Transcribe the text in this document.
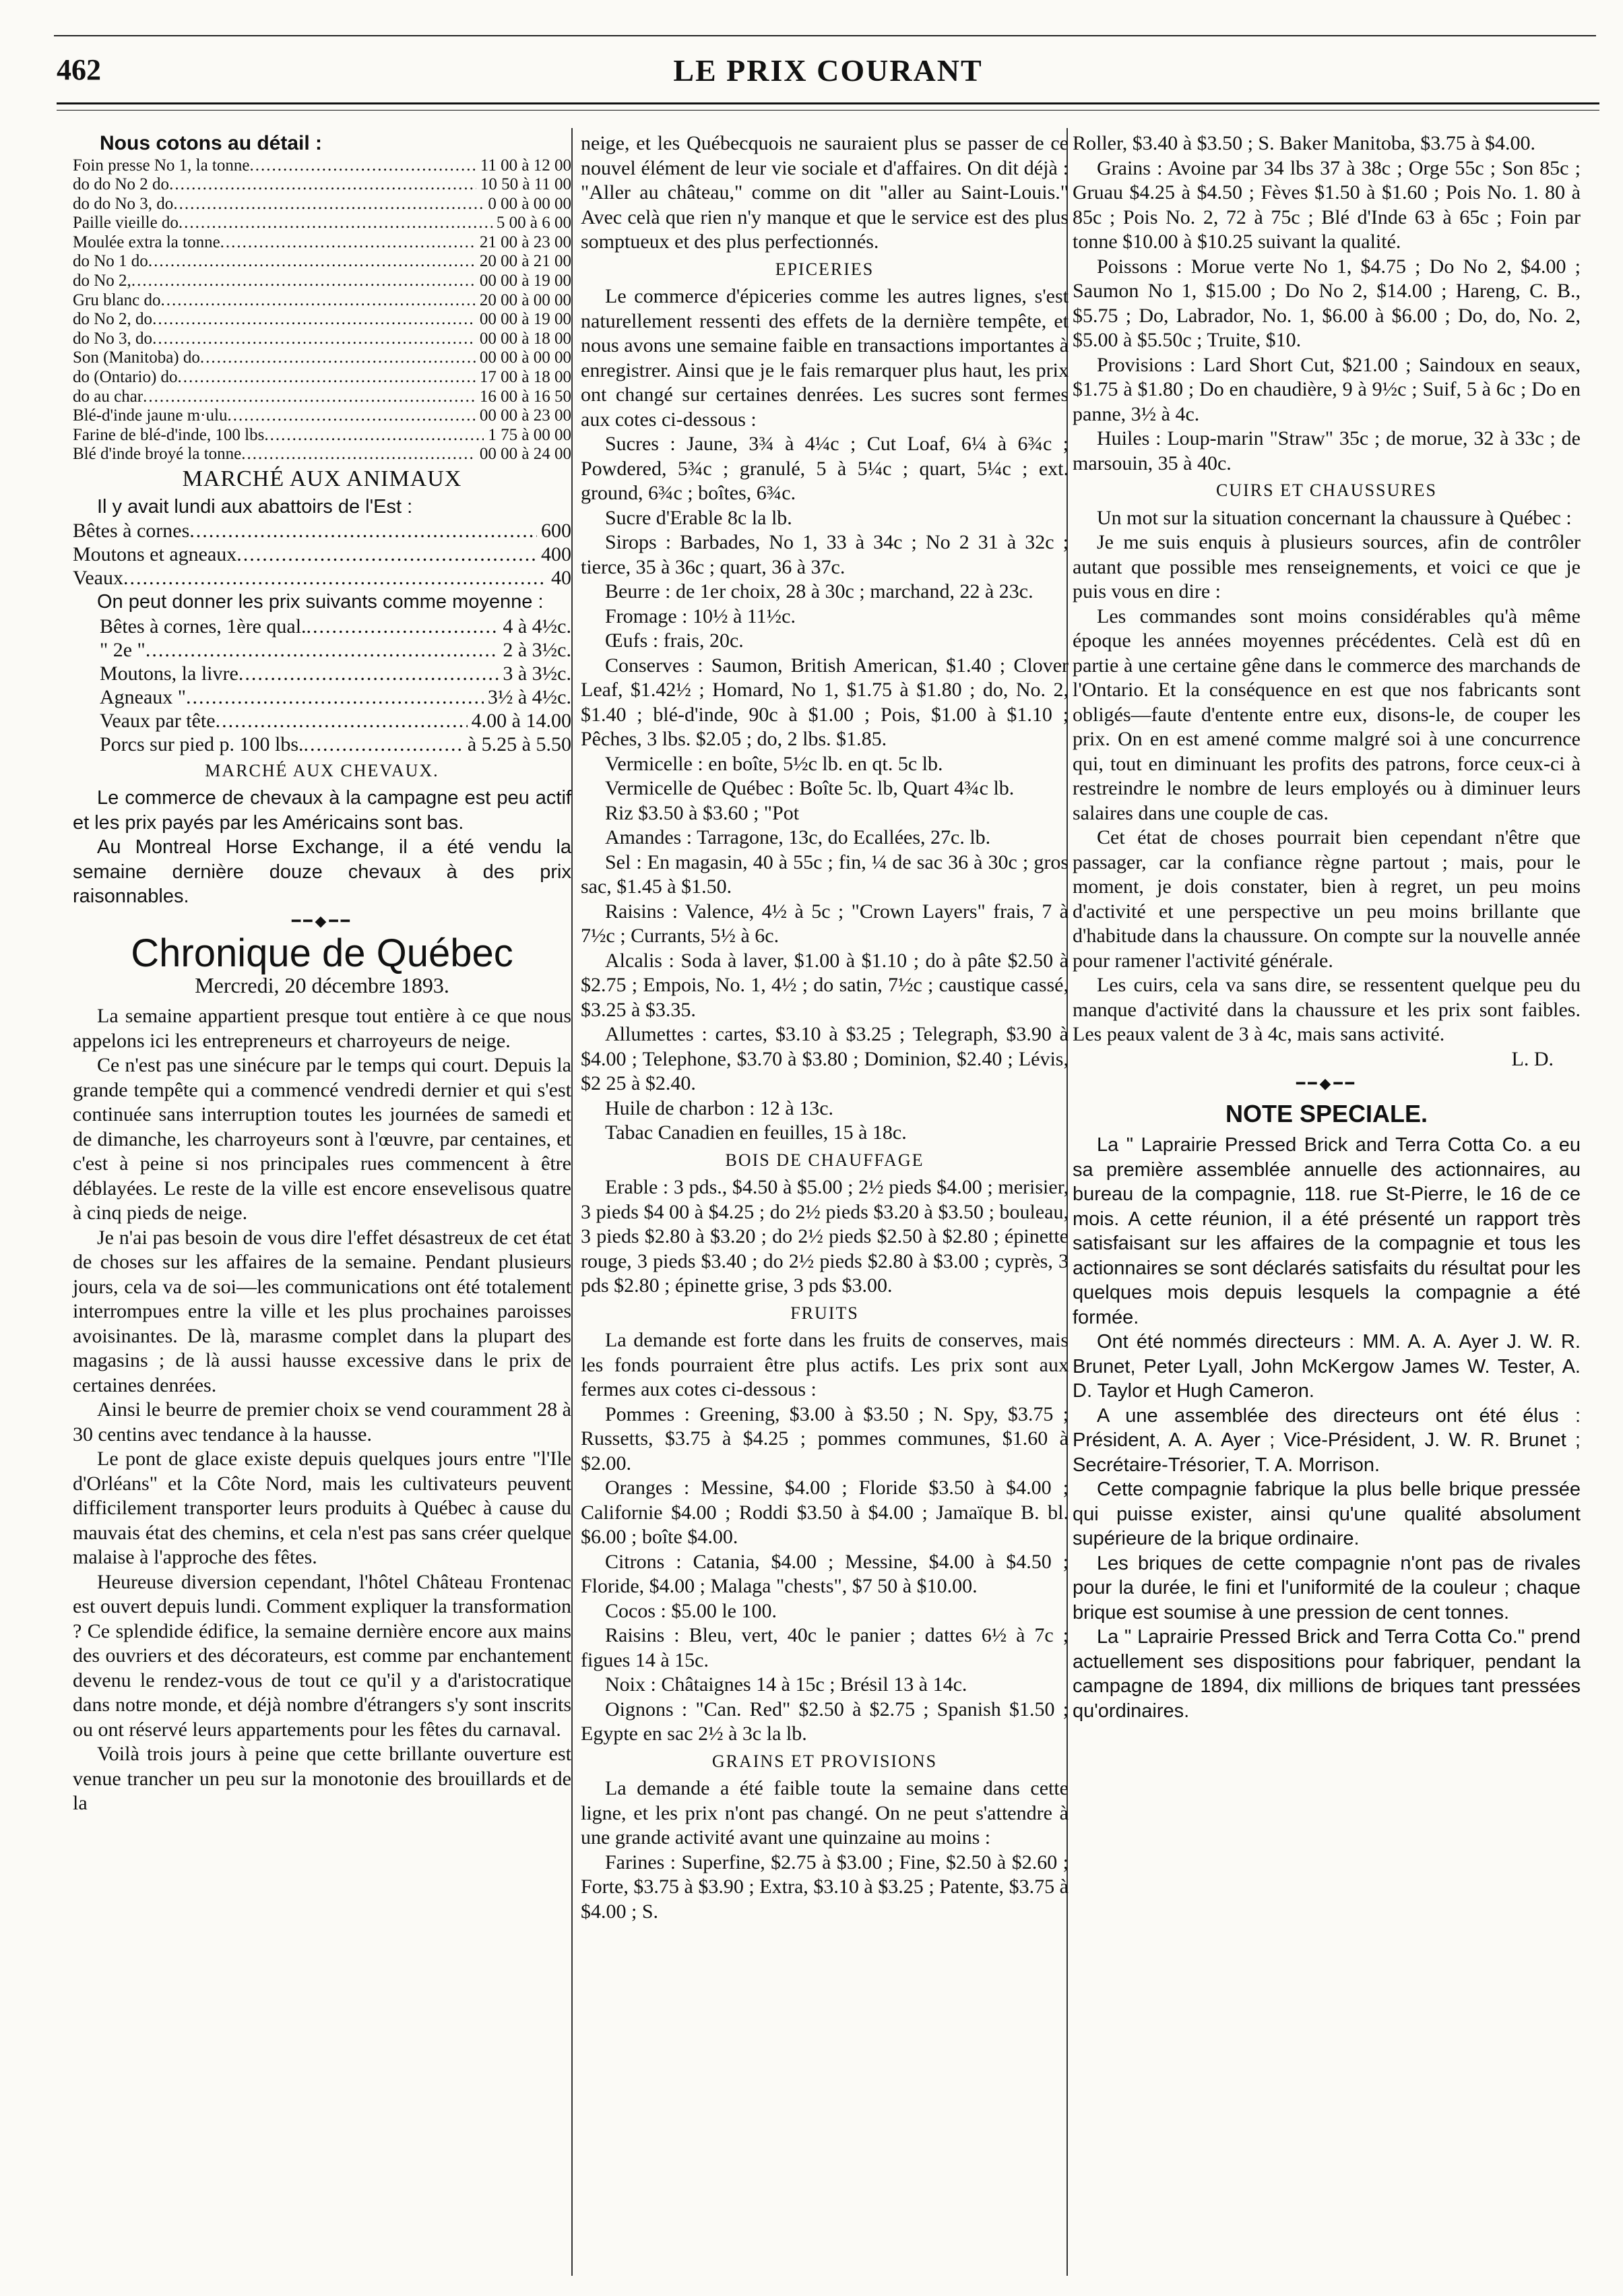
462	LE PRIX COURANT

Nous cotons au détail :

Foin presse No 1, la tonne .....	11 00 à 12 00
do do No 2 do .....	10 50 à 11 00
do do No 3, do .....	0 00 à 00 00
Paille vieille do .....	5 00 à 6 00
Moulée extra la tonne .....	21 00 à 23 00
do No 1 do .....	20 00 à 21 00
do No 2, .....	00 00 à 19 00
Gru blanc do .....	20 00 à 00 00
do No 2, do .....	00 00 à 19 00
do No 3, do .....	00 00 à 18 00
Son (Manitoba) do .....	00 00 à 00 00
do (Ontario) do .....	17 00 à 18 00
do au char .....	16 00 à 16 50
Blé-d'inde jaune m·ulu .....	00 00 à 23 00
Farine de blé-d'inde, 100 lbs .....	1 75 à 00 00
Blé d'inde broyé la tonne .....	00 00 à 24 00

MARCHÉ AUX ANIMAUX

Il y avait lundi aux abattoirs de l'Est :

Bêtes à cornes .....	600
Moutons et agneaux .....	400
Veaux .....	40

On peut donner les prix suivants comme moyenne :

Bêtes à cornes, 1ère qual. .....	4 à 4½c.
" 2e " .....	2 à 3½c.
Moutons, la livre .....	3 à 3½c.
Agneaux " .....	3½ à 4½c.
Veaux par tête .....	4.00 à 14.00
Porcs sur pied p. 100 lbs. .....	à 5.25 à 5.50

MARCHÉ AUX CHEVAUX.

Le commerce de chevaux à la campagne est peu actif et les prix payés par les Américains sont bas.

Au Montreal Horse Exchange, il a été vendu la semaine dernière douze chevaux à des prix raisonnables.

━━◆━━

Chronique de Québec

Mercredi, 20 décembre 1893.

La semaine appartient presque tout entière à ce que nous appelons ici les entrepreneurs et charroyeurs de neige.

Ce n'est pas une sinécure par le temps qui court. Depuis la grande tempête qui a commencé vendredi dernier et qui s'est continuée sans interruption toutes les journées de samedi et de dimanche, les charroyeurs sont à l'œuvre, par centaines, et c'est à peine si nos principales rues commencent à être déblayées. Le reste de la ville est encore ensevelisous quatre à cinq pieds de neige.

Je n'ai pas besoin de vous dire l'effet désastreux de cet état de choses sur les affaires de la semaine. Pendant plusieurs jours, cela va de soi—les communications ont été totalement interrompues entre la ville et les plus prochaines paroisses avoisinantes. De là, marasme complet dans la plupart des magasins ; de là aussi hausse excessive dans le prix de certaines denrées.

Ainsi le beurre de premier choix se vend couramment 28 à 30 centins avec tendance à la hausse.

Le pont de glace existe depuis quelques jours entre "l'Ile d'Orléans" et la Côte Nord, mais les cultivateurs peuvent difficilement transporter leurs produits à Québec à cause du mauvais état des chemins, et cela n'est pas sans créer quelque malaise à l'approche des fêtes.

Heureuse diversion cependant, l'hôtel Château Frontenac est ouvert depuis lundi. Comment expliquer la transformation ? Ce splendide édifice, la semaine dernière encore aux mains des ouvriers et des décorateurs, est comme par enchantement devenu le rendez-vous de tout ce qu'il y a d'aristocratique dans notre monde, et déjà nombre d'étrangers s'y sont inscrits ou ont réservé leurs appartements pour les fêtes du carnaval.

Voilà trois jours à peine que cette brillante ouverture est venue trancher un peu sur la monotonie des brouillards et de la

neige, et les Québecquois ne sauraient plus se passer de ce nouvel élément de leur vie sociale et d'affaires. On dit déjà : "Aller au château," comme on dit "aller au Saint-Louis." Avec celà que rien n'y manque et que le service est des plus somptueux et des plus perfectionnés.

EPICERIES

Le commerce d'épiceries comme les autres lignes, s'est naturellement ressenti des effets de la dernière tempête, et nous avons une semaine faible en transactions importantes à enregistrer. Ainsi que je le fais remarquer plus haut, les prix ont changé sur certaines denrées. Les sucres sont fermes aux cotes ci-dessous :

Sucres : Jaune, 3¾ à 4¼c ; Cut Loaf, 6¼ à 6¾c ; Powdered, 5¾c ; granulé, 5 à 5¼c ; quart, 5¼c ; ext. ground, 6¾c ; boîtes, 6¾c.

Sucre d'Erable 8c la lb.

Sirops : Barbades, No 1, 33 à 34c ; No 2 31 à 32c ; tierce, 35 à 36c ; quart, 36 à 37c.

Beurre : de 1er choix, 28 à 30c ; marchand, 22 à 23c.

Fromage : 10½ à 11½c.

Œufs : frais, 20c.

Conserves : Saumon, British American, $1.40 ; Clover Leaf, $1.42½ ; Homard, No 1, $1.75 à $1.80 ; do, No. 2, $1.40 ; blé-d'inde, 90c à $1.00 ; Pois, $1.00 à $1.10 ; Pêches, 3 lbs. $2.05 ; do, 2 lbs. $1.85.

Vermicelle : en boîte, 5½c lb. en qt. 5c lb.

Vermicelle de Québec : Boîte 5c. lb, Quart 4¾c lb.

Riz $3.50 à $3.60 ; "Pot

Amandes : Tarragone, 13c, do Ecallées, 27c. lb.

Sel : En magasin, 40 à 55c ; fin, ¼ de sac 36 à 30c ; gros sac, $1.45 à $1.50.

Raisins : Valence, 4½ à 5c ; "Crown Layers" frais, 7 à 7½c ; Currants, 5½ à 6c.

Alcalis : Soda à laver, $1.00 à $1.10 ; do à pâte $2.50 à $2.75 ; Empois, No. 1, 4½ ; do satin, 7½c ; caustique cassé, $3.25 à $3.35.

Allumettes : cartes, $3.10 à $3.25 ; Telegraph, $3.90 à $4.00 ; Telephone, $3.70 à $3.80 ; Dominion, $2.40 ; Lévis, $2 25 à $2.40.

Huile de charbon : 12 à 13c.

Tabac Canadien en feuilles, 15 à 18c.

BOIS DE CHAUFFAGE

Erable : 3 pds., $4.50 à $5.00 ; 2½ pieds $4.00 ; merisier, 3 pieds $4 00 à $4.25 ; do 2½ pieds $3.20 à $3.50 ; bouleau, 3 pieds $2.80 à $3.20 ; do 2½ pieds $2.50 à $2.80 ; épinette rouge, 3 pieds $3.40 ; do 2½ pieds $2.80 à $3.00 ; cyprès, 3 pds $2.80 ; épinette grise, 3 pds $3.00.

FRUITS

La demande est forte dans les fruits de conserves, mais les fonds pourraient être plus actifs. Les prix sont aux fermes aux cotes ci-dessous :

Pommes : Greening, $3.00 à $3.50 ; N. Spy, $3.75 ; Russetts, $3.75 à $4.25 ; pommes communes, $1.60 à $2.00.

Oranges : Messine, $4.00 ; Floride $3.50 à $4.00 ; Californie $4.00 ; Roddi $3.50 à $4.00 ; Jamaïque B. bl. $6.00 ; boîte $4.00.

Citrons : Catania, $4.00 ; Messine, $4.00 à $4.50 ; Floride, $4.00 ; Malaga "chests", $7 50 à $10.00.

Cocos : $5.00 le 100.

Raisins : Bleu, vert, 40c le panier ; dattes 6½ à 7c ; figues 14 à 15c.

Noix : Châtaignes 14 à 15c ; Brésil 13 à 14c.

Oignons : "Can. Red" $2.50 à $2.75 ; Spanish $1.50 ; Egypte en sac 2½ à 3c la lb.

GRAINS ET PROVISIONS

La demande a été faible toute la semaine dans cette ligne, et les prix n'ont pas changé. On ne peut s'attendre à une grande activité avant une quinzaine au moins :

Farines : Superfine, $2.75 à $3.00 ; Fine, $2.50 à $2.60 ; Forte, $3.75 à $3.90 ; Extra, $3.10 à $3.25 ; Patente, $3.75 à $4.00 ; S.

Roller, $3.40 à $3.50 ; S. Baker Manitoba, $3.75 à $4.00.

Grains : Avoine par 34 lbs 37 à 38c ; Orge 55c ; Son 85c ; Gruau $4.25 à $4.50 ; Fèves $1.50 à $1.60 ; Pois No. 1. 80 à 85c ; Pois No. 2, 72 à 75c ; Blé d'Inde 63 à 65c ; Foin par tonne $10.00 à $10.25 suivant la qualité.

Poissons : Morue verte No 1, $4.75 ; Do No 2, $4.00 ; Saumon No 1, $15.00 ; Do No 2, $14.00 ; Hareng, C. B., $5.75 ; Do, Labrador, No. 1, $6.00 à $6.00 ; Do, do, No. 2, $5.00 à $5.50c ; Truite, $10.

Provisions : Lard Short Cut, $21.00 ; Saindoux en seaux, $1.75 à $1.80 ; Do en chaudière, 9 à 9½c ; Suif, 5 à 6c ; Do en panne, 3½ à 4c.

Huiles : Loup-marin "Straw" 35c ; de morue, 32 à 33c ; de marsouin, 35 à 40c.

CUIRS ET CHAUSSURES

Un mot sur la situation concernant la chaussure à Québec :

Je me suis enquis à plusieurs sources, afin de contrôler autant que possible mes renseignements, et voici ce que je puis vous en dire :

Les commandes sont moins considérables qu'à même époque les années moyennes précédentes. Celà est dû en partie à une certaine gêne dans le commerce des marchands de l'Ontario. Et la conséquence en est que nos fabricants sont obligés—faute d'entente entre eux, disons-le, de couper les prix. On en est amené comme malgré soi à une concurrence qui, tout en diminuant les profits des patrons, force ceux-ci à restreindre le nombre de leurs employés ou à diminuer leurs salaires dans une couple de cas.

Cet état de choses pourrait bien cependant n'être que passager, car la confiance règne partout ; mais, pour le moment, je dois constater, bien à regret, un peu moins d'activité et une perspective un peu moins brillante que d'habitude dans la chaussure. On compte sur la nouvelle année pour ramener l'activité générale.

Les cuirs, cela va sans dire, se ressentent quelque peu du manque d'activité dans la chaussure et les prix sont faibles. Les peaux valent de 3 à 4c, mais sans activité.

L. D.

━━◆━━

NOTE SPECIALE.

La " Laprairie Pressed Brick and Terra Cotta Co. a eu sa première assemblée annuelle des actionnaires, au bureau de la compagnie, 118. rue St-Pierre, le 16 de ce mois. A cette réunion, il a été présenté un rapport très satisfaisant sur les affaires de la compagnie et tous les actionnaires se sont déclarés satisfaits du résultat pour les quelques mois depuis lesquels la compagnie a été formée.

Ont été nommés directeurs : MM. A. A. Ayer J. W. R. Brunet, Peter Lyall, John McKergow James W. Tester, A. D. Taylor et Hugh Cameron.

A une assemblée des directeurs ont été élus : Président, A. A. Ayer ; Vice-Président, J. W. R. Brunet ; Secrétaire-Trésorier, T. A. Morrison.

Cette compagnie fabrique la plus belle brique pressée qui puisse exister, ainsi qu'une qualité absolument supérieure de la brique ordinaire.

Les briques de cette compagnie n'ont pas de rivales pour la durée, le fini et l'uniformité de la couleur ; chaque brique est soumise à une pression de cent tonnes.

La " Laprairie Pressed Brick and Terra Cotta Co." prend actuellement ses dispositions pour fabriquer, pendant la campagne de 1894, dix millions de briques tant pressées qu'ordinaires.
